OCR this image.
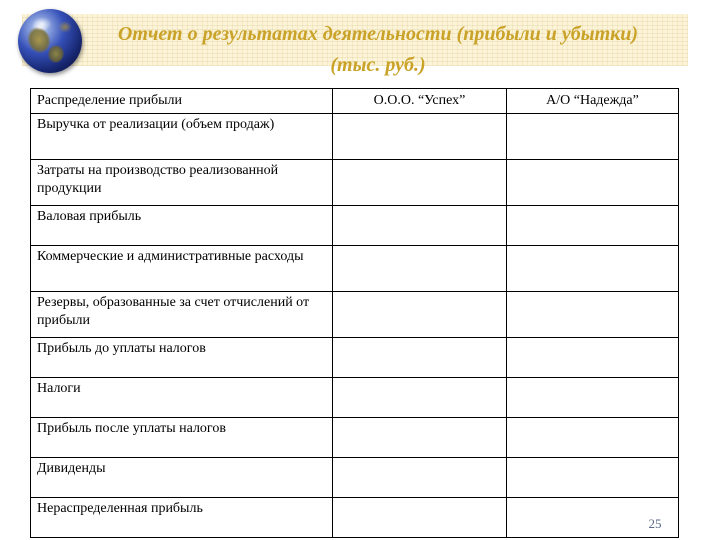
Отчет о результатах деятельности (прибыли и убытки)
(тыс. руб.)
Распределение прибыли	О.О.О. “Успех”	А/О “Надежда”
Выручка от реализации (объем продаж)		
Затраты на производство реализованной продукции		
Валовая прибыль		
Коммерческие и административные расходы		
Резервы, образованные за счет отчислений от прибыли		
Прибыль до уплаты налогов		
Налоги		
Прибыль после уплаты налогов		
Дивиденды		
Нераспределенная прибыль		
25
